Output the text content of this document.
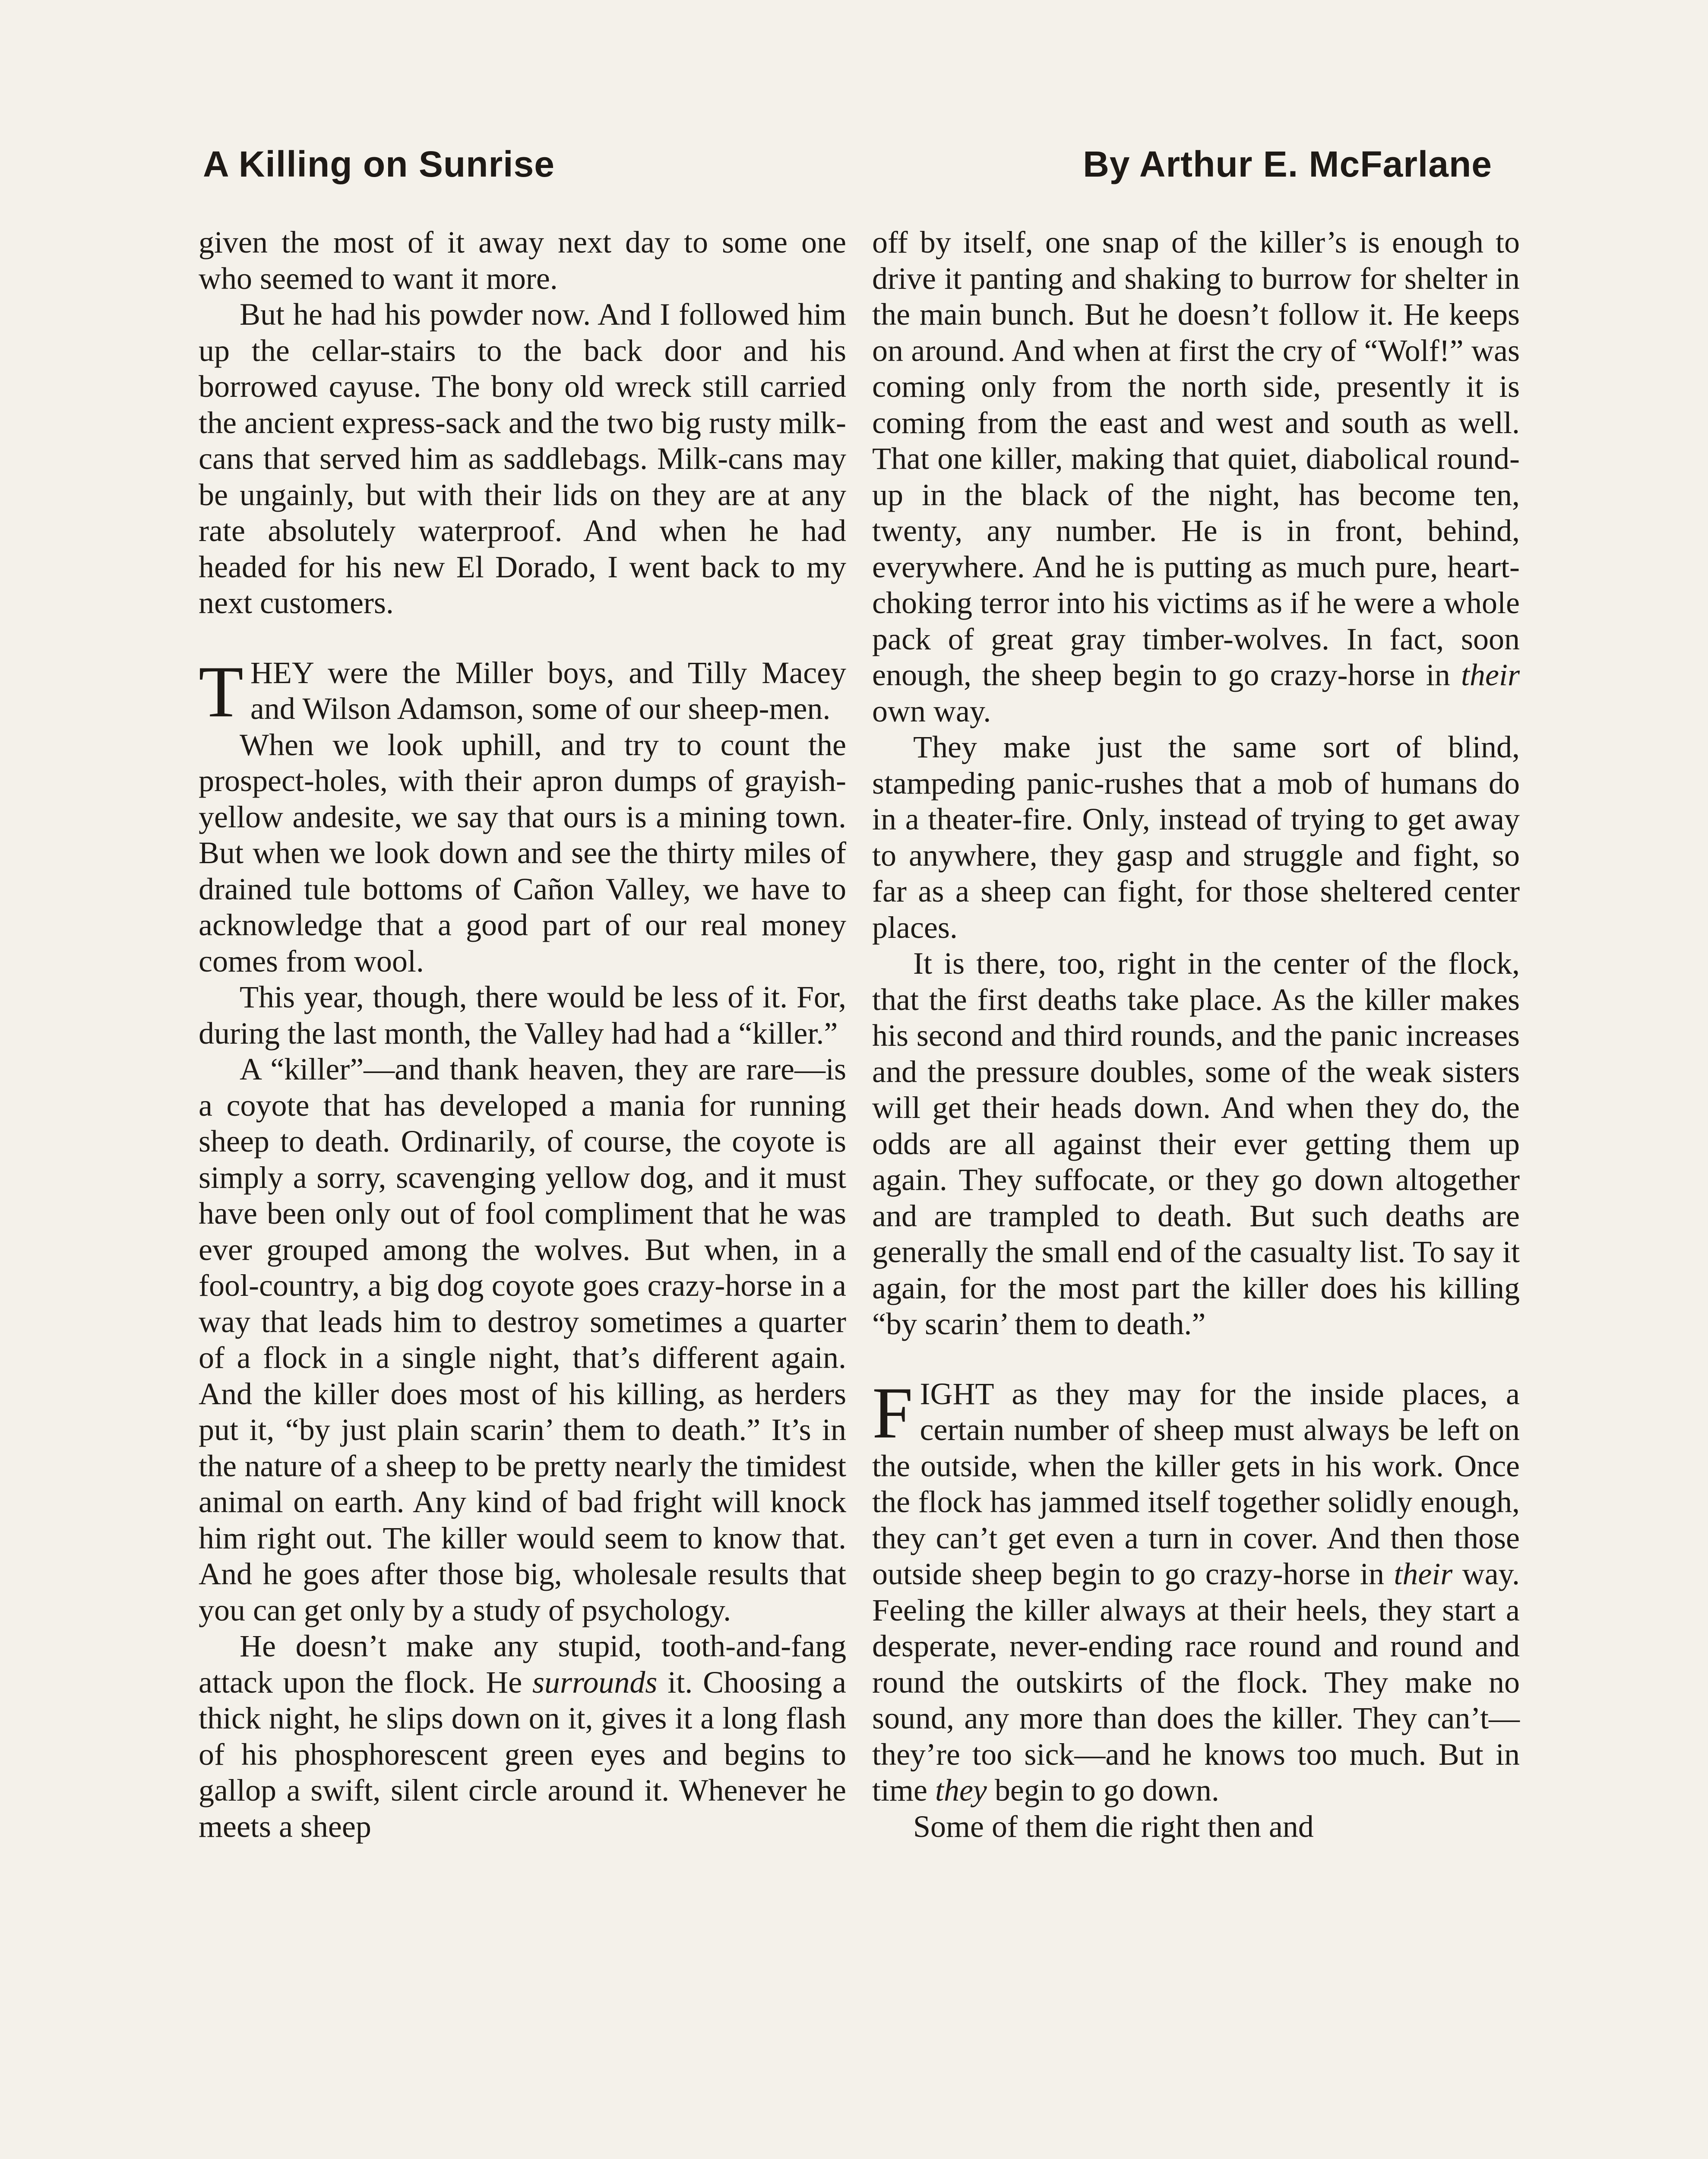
A Killing on Sunrise	By Arthur E. McFarlane

given the most of it away next day to some one who seemed to want it more.

But he had his powder now. And I followed him up the cellar-stairs to the back door and his borrowed cayuse. The bony old wreck still carried the ancient express-sack and the two big rusty milk-cans that served him as saddlebags. Milk-cans may be ungainly, but with their lids on they are at any rate absolutely waterproof. And when he had headed for his new El Dorado, I went back to my next customers.

THEY were the Miller boys, and Tilly Macey and Wilson Adamson, some of our sheep-men.

When we look uphill, and try to count the prospect-holes, with their apron dumps of grayish-yellow andesite, we say that ours is a mining town. But when we look down and see the thirty miles of drained tule bottoms of Cañon Valley, we have to acknowledge that a good part of our real money comes from wool.

This year, though, there would be less of it. For, during the last month, the Valley had had a “killer.”

A “killer”—and thank heaven, they are rare—is a coyote that has developed a mania for running sheep to death. Ordinarily, of course, the coyote is simply a sorry, scavenging yellow dog, and it must have been only out of fool compliment that he was ever grouped among the wolves. But when, in a fool-country, a big dog coyote goes crazy-horse in a way that leads him to destroy sometimes a quarter of a flock in a single night, that’s different again. And the killer does most of his killing, as herders put it, “by just plain scarin’ them to death.” It’s in the nature of a sheep to be pretty nearly the timidest animal on earth. Any kind of bad fright will knock him right out. The killer would seem to know that. And he goes after those big, wholesale results that you can get only by a study of psychology.

He doesn’t make any stupid, tooth-and-fang attack upon the flock. He surrounds it. Choosing a thick night, he slips down on it, gives it a long flash of his phosphorescent green eyes and begins to gallop a swift, silent circle around it. Whenever he meets a sheep

off by itself, one snap of the killer’s is enough to drive it panting and shaking to burrow for shelter in the main bunch. But he doesn’t follow it. He keeps on around. And when at first the cry of “Wolf!” was coming only from the north side, presently it is coming from the east and west and south as well. That one killer, making that quiet, diabolical round-up in the black of the night, has become ten, twenty, any number. He is in front, behind, everywhere. And he is putting as much pure, heart-choking terror into his victims as if he were a whole pack of great gray timber-wolves. In fact, soon enough, the sheep begin to go crazy-horse in their own way.

They make just the same sort of blind, stampeding panic-rushes that a mob of humans do in a theater-fire. Only, instead of trying to get away to anywhere, they gasp and struggle and fight, so far as a sheep can fight, for those sheltered center places.

It is there, too, right in the center of the flock, that the first deaths take place. As the killer makes his second and third rounds, and the panic increases and the pressure doubles, some of the weak sisters will get their heads down. And when they do, the odds are all against their ever getting them up again. They suffocate, or they go down altogether and are trampled to death. But such deaths are generally the small end of the casualty list. To say it again, for the most part the killer does his killing “by scarin’ them to death.”

FIGHT as they may for the inside places, a certain number of sheep must always be left on the outside, when the killer gets in his work. Once the flock has jammed itself together solidly enough, they can’t get even a turn in cover. And then those outside sheep begin to go crazy-horse in their way. Feeling the killer always at their heels, they start a desperate, never-ending race round and round and round the outskirts of the flock. They make no sound, any more than does the killer. They can’t—they’re too sick—and he knows too much. But in time they begin to go down.

Some of them die right then and
